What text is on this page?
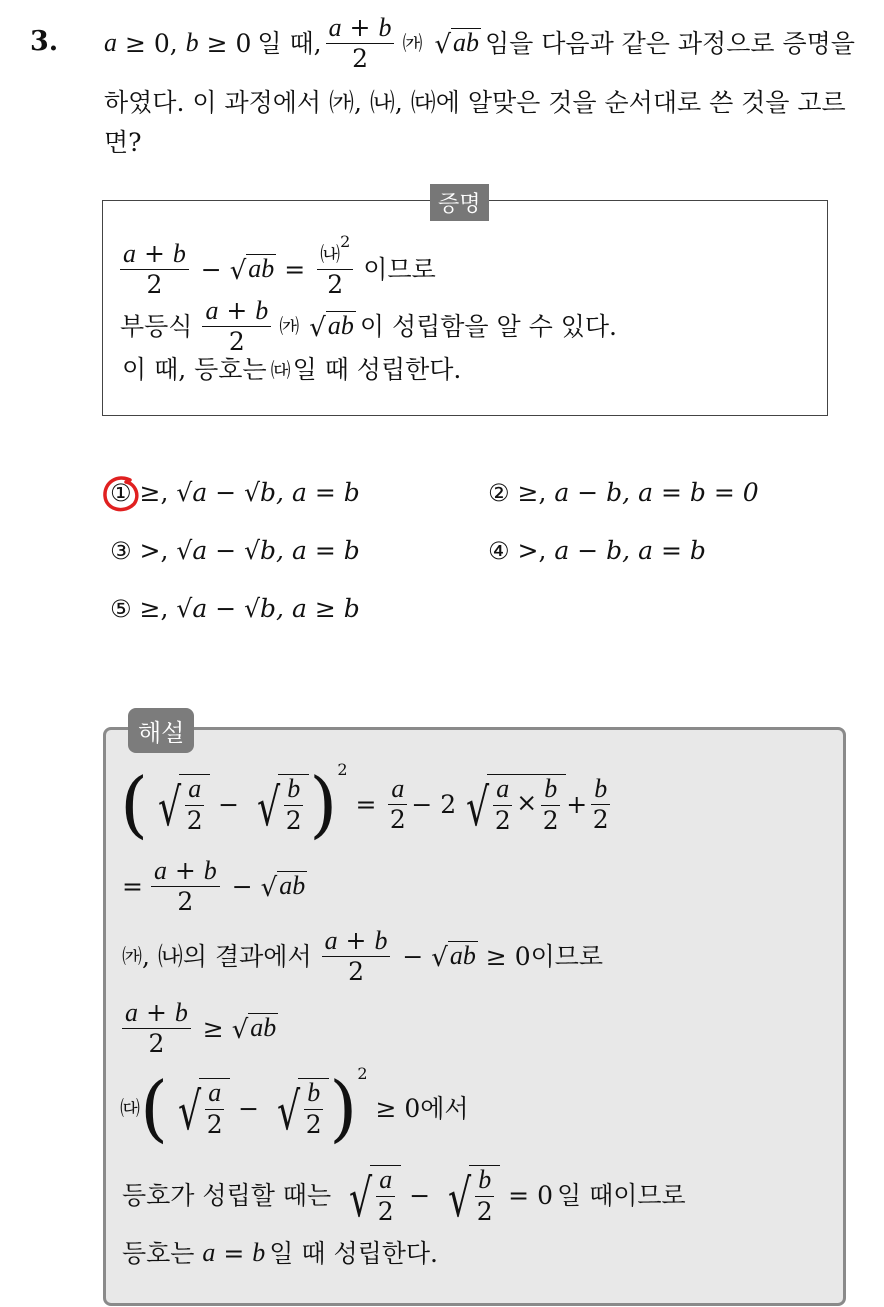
3. a ≥ 0, b ≥ 0 일 때, $\frac{a + b}{2}$ ㈎ √ ab 임을 다음과 같은 과정으로 증명을
하였다. 이 과정에서 ㈎, ㈏, ㈐에 알맞은 것을 순서대로 쓴 것을 고르
면?
증명
$\frac{a + b}{2}$ − √ ab = $\frac{㈏^2}{2}$ 이므로
부등식 $\frac{a + b}{2}$ ㈎ √ ab 이 성립함을 알 수 있다.
이 때, 등호는 ㈐ 일 때 성립한다.
① ≥, √a − √b, a = b	② ≥, a − b, a = b = 0
③ >, √a − √b, a = b	④ >, a − b, a = b
⑤ ≥, √a − √b, a ≥ b
해설
( √ $\frac{a}{2}$ − √ $\frac{b}{2}$ ) 2
= $\frac{a}{2} - 2$ √ $\frac{a}{2} \times \frac{b}{2} + \frac{b}{2}$
= $\frac{a + b}{2}$ − √ ab
㈎ , ㈏의 결과에서 $\frac{a + b}{2}$ − √ ab ≥ 0 이므로
$\frac{a + b}{2}$ ≥ √ ab
㈐ ( √ $\frac{a}{2}$ − √ $\frac{b}{2}$ ) 2
≥ 0 에서
등호가 성립할 때는 √ $\frac{a}{2}$ − √ $\frac{b}{2} = 0$ 일 때이므로
등호는
a = b 일 때 성립한다.
